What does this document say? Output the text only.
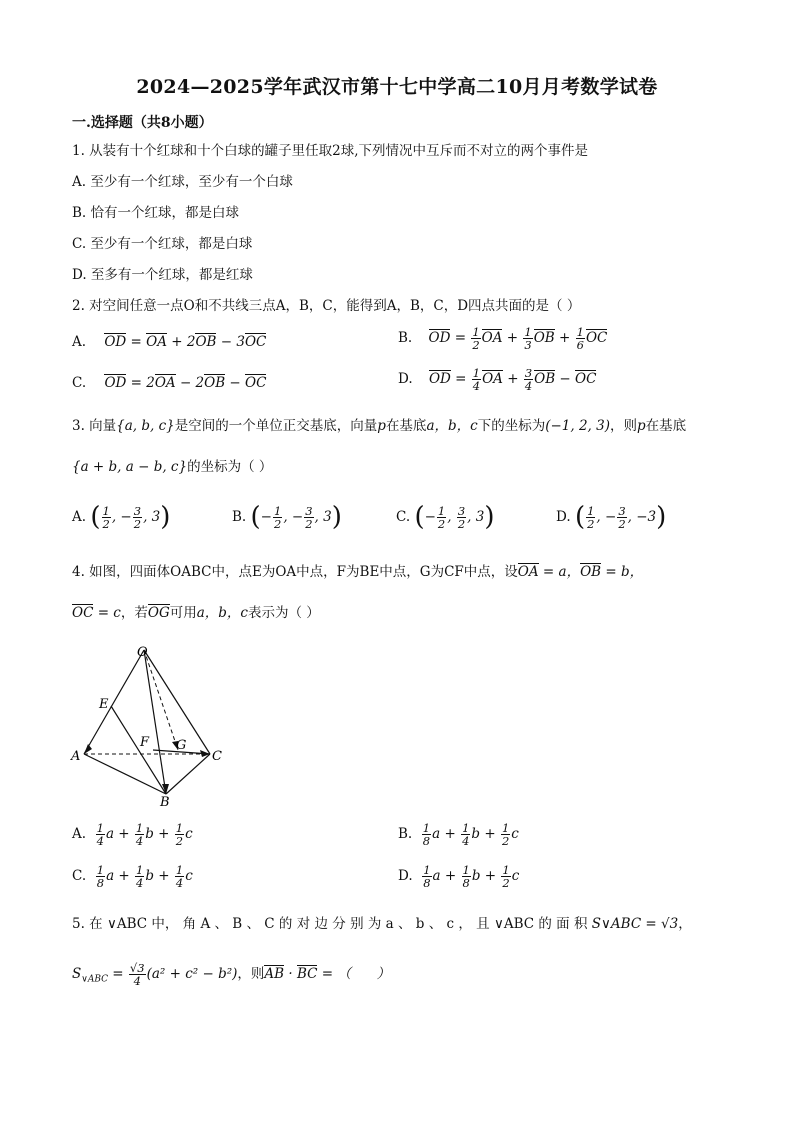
2024—2025学年武汉市第十七中学高二10月月考数学试卷
一.选择题（共8小题）
1. 从装有十个红球和十个白球的罐子里任取2球,下列情况中互斥而不对立的两个事件是
A. 至少有一个红球，至少有一个白球
B. 恰有一个红球，都是白球
C. 至少有一个红球，都是白球
D. 至多有一个红球，都是红球
2. 对空间任意一点O和不共线三点A，B，C，能得到A，B，C，D四点共面的是（ ）
A. OD = OA + 2OB − 3OC	B. OD = $\frac{1}{2}$ OA + $\frac{1}{3}$ OB + $\frac{1}{6}$ OC
C. OD = 2OA − 2OB − OC	D. OD = $\frac{1}{4}$ OA + $\frac{3}{4}$ OB − OC
3. 向量{a, b, c}是空间的一个单位正交基底，向量p在基底a，b，c下的坐标为(−1, 2, 3)，则p在基底
{a + b, a − b, c}的坐标为（ ）
A. ( $\frac{1}{2}$ , − $\frac{3}{2}$ , 3)	B. (− $\frac{1}{2}$ , − $\frac{3}{2}$ , 3)	C. (− $\frac{1}{2}$ , $\frac{3}{2}$ , 3)	D. ( $\frac{1}{2}$ , − $\frac{3}{2}$ , −3)
4. 如图，四面体OABC中，点E为OA中点，F为BE中点，G为CF中点，设OA = a，OB = b，
OC = c，若OG可用a，b，c表示为（ ）
O
E
A
F G
C
B
A. $\frac{1}{4}$ $a + \frac{1}{4}$ $b + \frac{1}{2}$ c	B. $\frac{1}{8}$ $a + \frac{1}{4}$ $b + \frac{1}{2}$ c
C. $\frac{1}{8}$ $a + \frac{1}{4}$ $b + \frac{1}{4}$ c	D. $\frac{1}{8}$ $a + \frac{1}{8}$ $b + \frac{1}{2}$ c
5. 在 ∨ABC 中， 角 A 、 B 、 C 的 对 边 分 别 为 a 、 b 、 c ， 且 ∨ABC 的 面 积 S∨ABC = √3，
$S_{\vee ABC} = \frac{√3}{4} (a^2 + c^2 - b^2)$，则AB · BC = （      ）
